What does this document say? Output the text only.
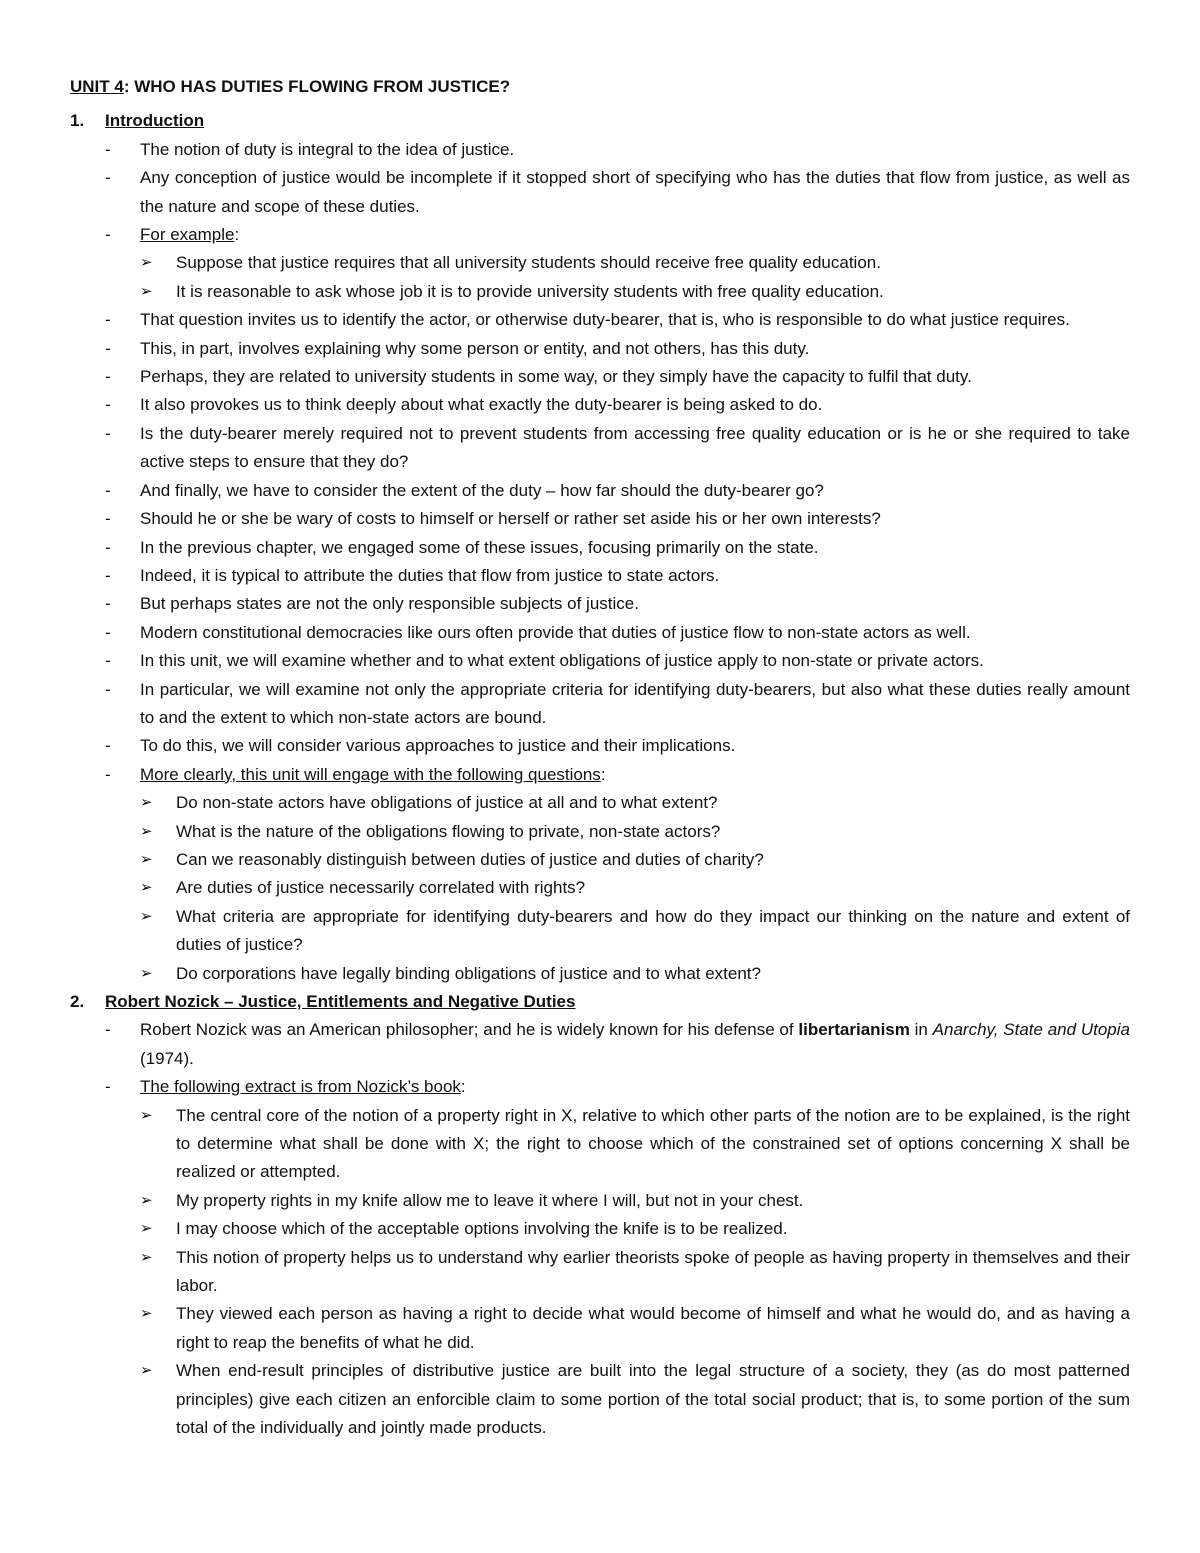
UNIT 4: WHO HAS DUTIES FLOWING FROM JUSTICE?

1.	Introduction
-	The notion of duty is integral to the idea of justice.
-	Any conception of justice would be incomplete if it stopped short of specifying who has the duties that flow from justice, as well as the nature and scope of these duties.
-	For example:
➢	Suppose that justice requires that all university students should receive free quality education.
➢	It is reasonable to ask whose job it is to provide university students with free quality education.
-	That question invites us to identify the actor, or otherwise duty-bearer, that is, who is responsible to do what justice requires.
-	This, in part, involves explaining why some person or entity, and not others, has this duty.
-	Perhaps, they are related to university students in some way, or they simply have the capacity to fulfil that duty.
-	It also provokes us to think deeply about what exactly the duty-bearer is being asked to do.
-	Is the duty-bearer merely required not to prevent students from accessing free quality education or is he or she required to take active steps to ensure that they do?
-	And finally, we have to consider the extent of the duty – how far should the duty-bearer go?
-	Should he or she be wary of costs to himself or herself or rather set aside his or her own interests?
-	In the previous chapter, we engaged some of these issues, focusing primarily on the state.
-	Indeed, it is typical to attribute the duties that flow from justice to state actors.
-	But perhaps states are not the only responsible subjects of justice.
-	Modern constitutional democracies like ours often provide that duties of justice flow to non-state actors as well.
-	In this unit, we will examine whether and to what extent obligations of justice apply to non-state or private actors.
-	In particular, we will examine not only the appropriate criteria for identifying duty-bearers, but also what these duties really amount to and the extent to which non-state actors are bound.
-	To do this, we will consider various approaches to justice and their implications.
-	More clearly, this unit will engage with the following questions:
➢	Do non-state actors have obligations of justice at all and to what extent?
➢	What is the nature of the obligations flowing to private, non-state actors?
➢	Can we reasonably distinguish between duties of justice and duties of charity?
➢	Are duties of justice necessarily correlated with rights?
➢	What criteria are appropriate for identifying duty-bearers and how do they impact our thinking on the nature and extent of duties of justice?
➢	Do corporations have legally binding obligations of justice and to what extent?
2.	Robert Nozick – Justice, Entitlements and Negative Duties
-	Robert Nozick was an American philosopher; and he is widely known for his defense of libertarianism in Anarchy, State and Utopia (1974).
-	The following extract is from Nozick’s book:
➢	The central core of the notion of a property right in X, relative to which other parts of the notion are to be explained, is the right to determine what shall be done with X; the right to choose which of the constrained set of options concerning X shall be realized or attempted.
➢	My property rights in my knife allow me to leave it where I will, but not in your chest.
➢	I may choose which of the acceptable options involving the knife is to be realized.
➢	This notion of property helps us to understand why earlier theorists spoke of people as having property in themselves and their labor.
➢	They viewed each person as having a right to decide what would become of himself and what he would do, and as having a right to reap the benefits of what he did.
➢	When end-result principles of distributive justice are built into the legal structure of a society, they (as do most patterned principles) give each citizen an enforcible claim to some portion of the total social product; that is, to some portion of the sum total of the individually and jointly made products.
